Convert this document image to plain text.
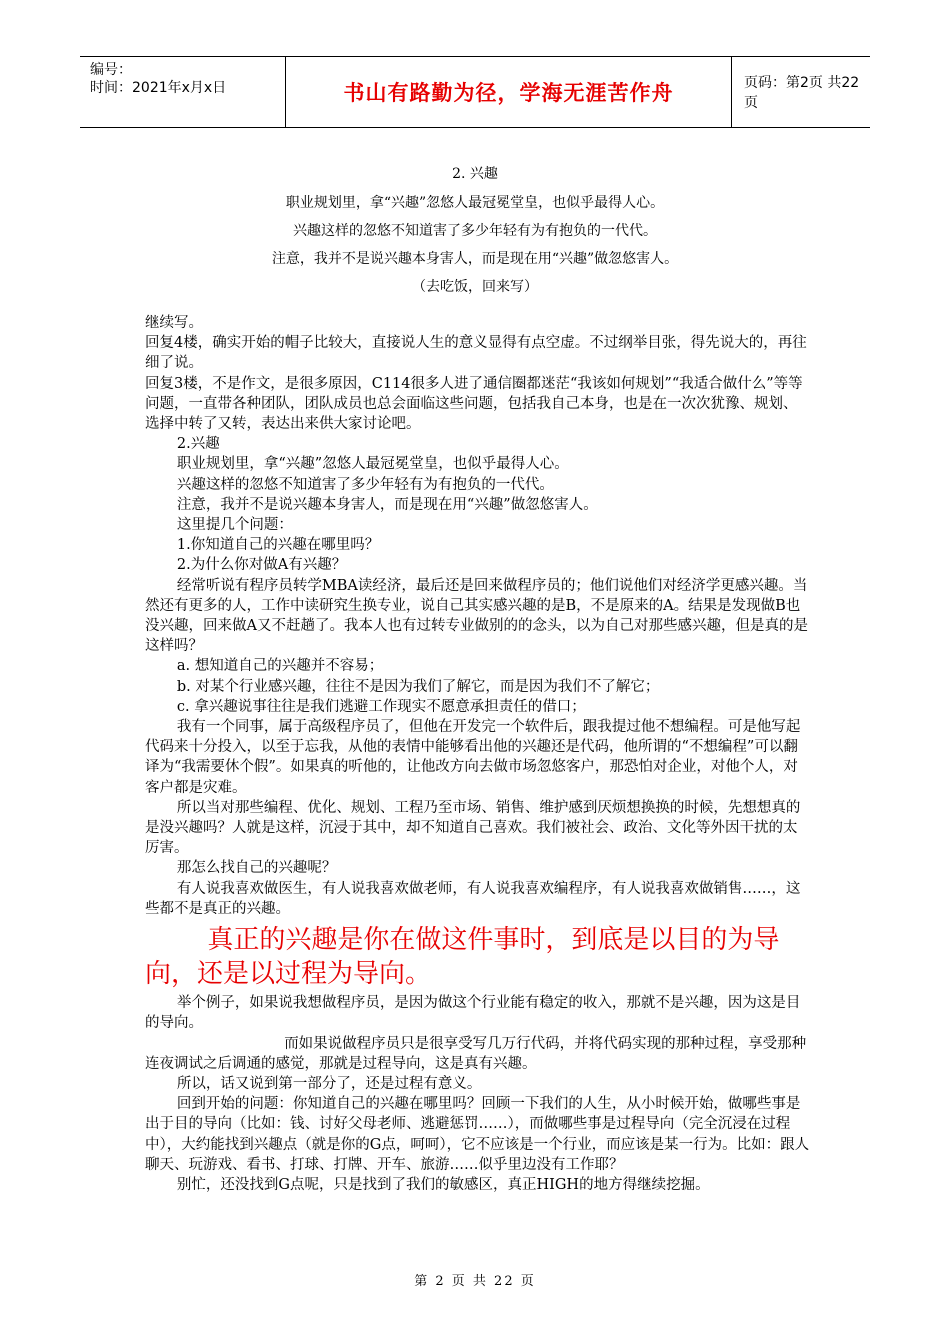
编号：
时间：2021年x月x日	书山有路勤为径，学海无涯苦作舟	页码：第2页 共22页
2. 兴趣
职业规划里，拿“兴趣”忽悠人最冠冕堂皇，也似乎最得人心。
兴趣这样的忽悠不知道害了多少年轻有为有抱负的一代代。
注意，我并不是说兴趣本身害人，而是现在用“兴趣”做忽悠害人。
（去吃饭，回来写）

继续写。

回复4楼，确实开始的帽子比较大，直接说人生的意义显得有点空虚。不过纲举目张，得先说大的，再往细了说。

回复3楼，不是作文，是很多原因，C114很多人进了通信圈都迷茫“我该如何规划”“我适合做什么”等等问题，一直带各种团队，团队成员也总会面临这些问题，包括我自己本身，也是在一次次犹豫、规划、选择中转了又转，表达出来供大家讨论吧。

2.兴趣

职业规划里，拿“兴趣”忽悠人最冠冕堂皇，也似乎最得人心。

兴趣这样的忽悠不知道害了多少年轻有为有抱负的一代代。

注意，我并不是说兴趣本身害人，而是现在用“兴趣”做忽悠害人。

这里提几个问题：

1.你知道自己的兴趣在哪里吗？

2.为什么你对做A有兴趣？

经常听说有程序员转学MBA读经济，最后还是回来做程序员的；他们说他们对经济学更感兴趣。当然还有更多的人，工作中读研究生换专业，说自己其实感兴趣的是B，不是原来的A。结果是发现做B也没兴趣，回来做A又不赶趟了。我本人也有过转专业做别的的念头，以为自己对那些感兴趣，但是真的是这样吗？

a. 想知道自己的兴趣并不容易；

b. 对某个行业感兴趣，往往不是因为我们了解它，而是因为我们不了解它；

c. 拿兴趣说事往往是我们逃避工作现实不愿意承担责任的借口；

我有一个同事，属于高级程序员了，但他在开发完一个软件后，跟我提过他不想编程。可是他写起代码来十分投入，以至于忘我，从他的表情中能够看出他的兴趣还是代码，他所谓的“不想编程”可以翻译为“我需要休个假”。如果真的听他的，让他改方向去做市场忽悠客户，那恐怕对企业，对他个人，对客户都是灾难。

所以当对那些编程、优化、规划、工程乃至市场、销售、维护感到厌烦想换换的时候，先想想真的是没兴趣吗？人就是这样，沉浸于其中，却不知道自己喜欢。我们被社会、政治、文化等外因干扰的太厉害。

那怎么找自己的兴趣呢？

有人说我喜欢做医生，有人说我喜欢做老师，有人说我喜欢编程序，有人说我喜欢做销售……，这些都不是真正的兴趣。

真正的兴趣是你在做这件事时，到底是以目的为导向，还是以过程为导向。

举个例子，如果说我想做程序员，是因为做这个行业能有稳定的收入，那就不是兴趣，因为这是目的导向。

而如果说做程序员只是很享受写几万行代码，并将代码实现的那种过程，享受那种连夜调试之后调通的感觉，那就是过程导向，这是真有兴趣。

所以，话又说到第一部分了，还是过程有意义。

回到开始的问题：你知道自己的兴趣在哪里吗？回顾一下我们的人生，从小时候开始，做哪些事是出于目的导向（比如：钱、讨好父母老师、逃避惩罚……），而做哪些事是过程导向（完全沉浸在过程中），大约能找到兴趣点（就是你的G点，呵呵），它不应该是一个行业，而应该是某一行为。比如：跟人聊天、玩游戏、看书、打球、打牌、开车、旅游……似乎里边没有工作耶？

别忙，还没找到G点呢，只是找到了我们的敏感区，真正HIGH的地方得继续挖掘。

第 2 页 共 22 页
